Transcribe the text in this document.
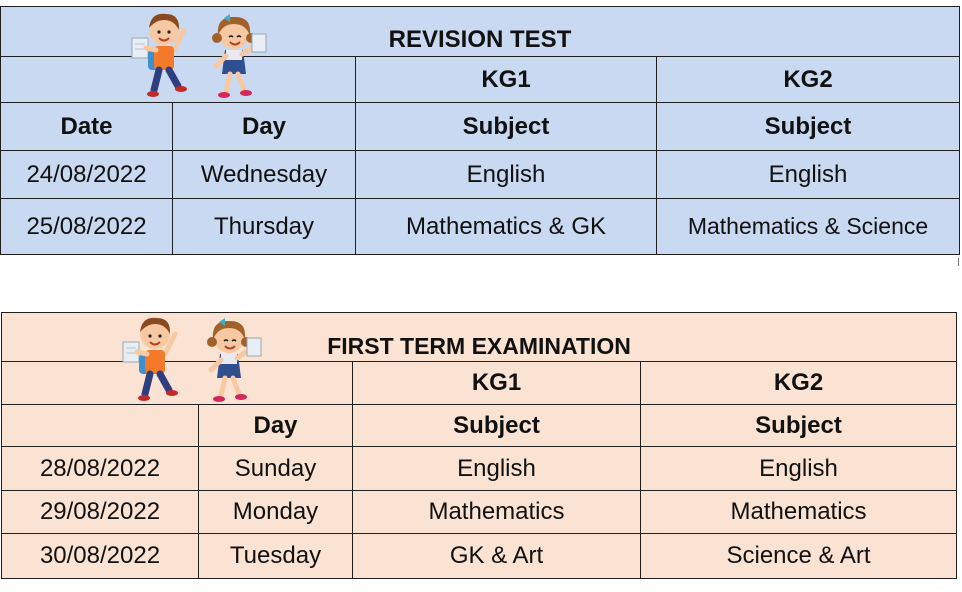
REVISION TEST			
		KG1	KG2
Date	Day	Subject	Subject
24/08/2022	Wednesday	English	English
25/08/2022	Thursday	Mathematics & GK	Mathematics & Science
FIRST TERM EXAMINATION			
		KG1	KG2
	Day	Subject	Subject
28/08/2022	Sunday	English	English
29/08/2022	Monday	Mathematics	Mathematics
30/08/2022	Tuesday	GK & Art	Science & Art
